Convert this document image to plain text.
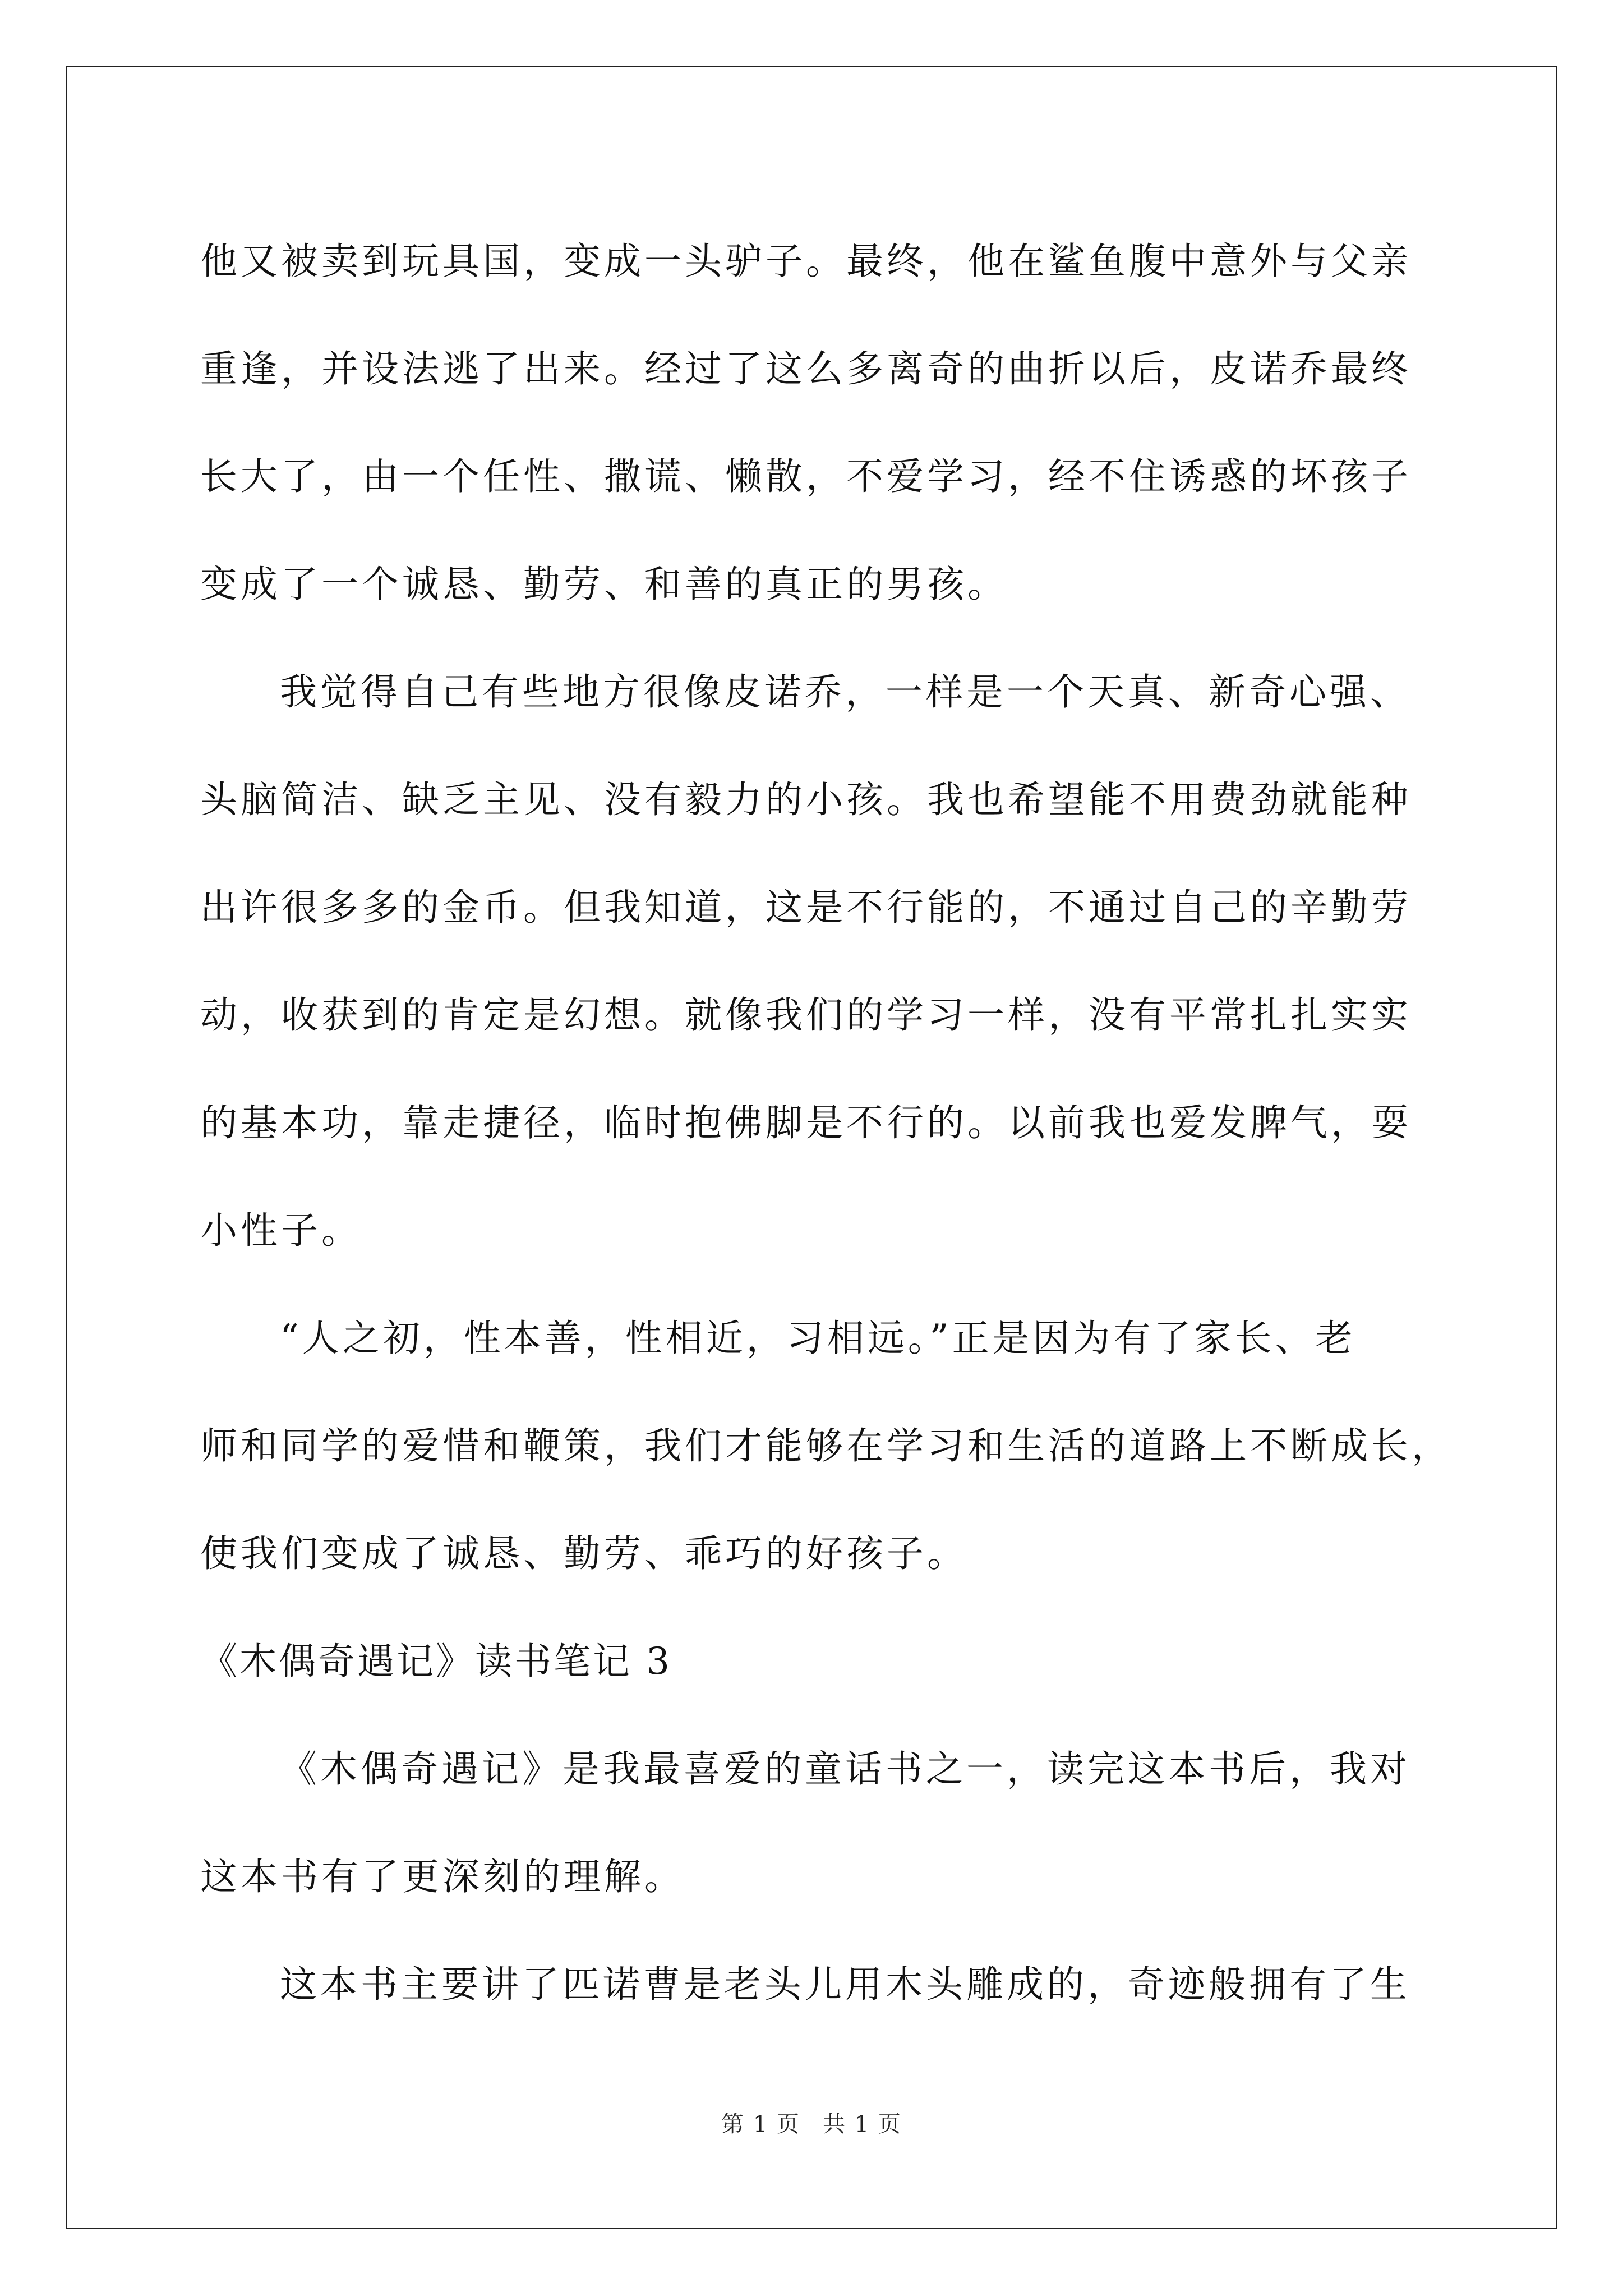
他又被卖到玩具国，变成一头驴子。最终，他在鲨鱼腹中意外与父亲
重逢，并设法逃了出来。经过了这么多离奇的曲折以后，皮诺乔最终
长大了，由一个任性、撒谎、懒散，不爱学习，经不住诱惑的坏孩子
变成了一个诚恳、勤劳、和善的真正的男孩。
我觉得自己有些地方很像皮诺乔，一样是一个天真、新奇心强、
头脑简洁、缺乏主见、没有毅力的小孩。我也希望能不用费劲就能种
出许很多多的金币。但我知道，这是不行能的，不通过自己的辛勤劳
动，收获到的肯定是幻想。就像我们的学习一样，没有平常扎扎实实
的基本功，靠走捷径，临时抱佛脚是不行的。以前我也爱发脾气，耍
小性子。
“人之初，性本善，性相近，习相远。”正是因为有了家长、老
师和同学的爱惜和鞭策，我们才能够在学习和生活的道路上不断成长，
使我们变成了诚恳、勤劳、乖巧的好孩子。
《木偶奇遇记》读书笔记 3
《木偶奇遇记》是我最喜爱的童话书之一，读完这本书后，我对
这本书有了更深刻的理解。
这本书主要讲了匹诺曹是老头儿用木头雕成的，奇迹般拥有了生
第 1 页 共 1 页
